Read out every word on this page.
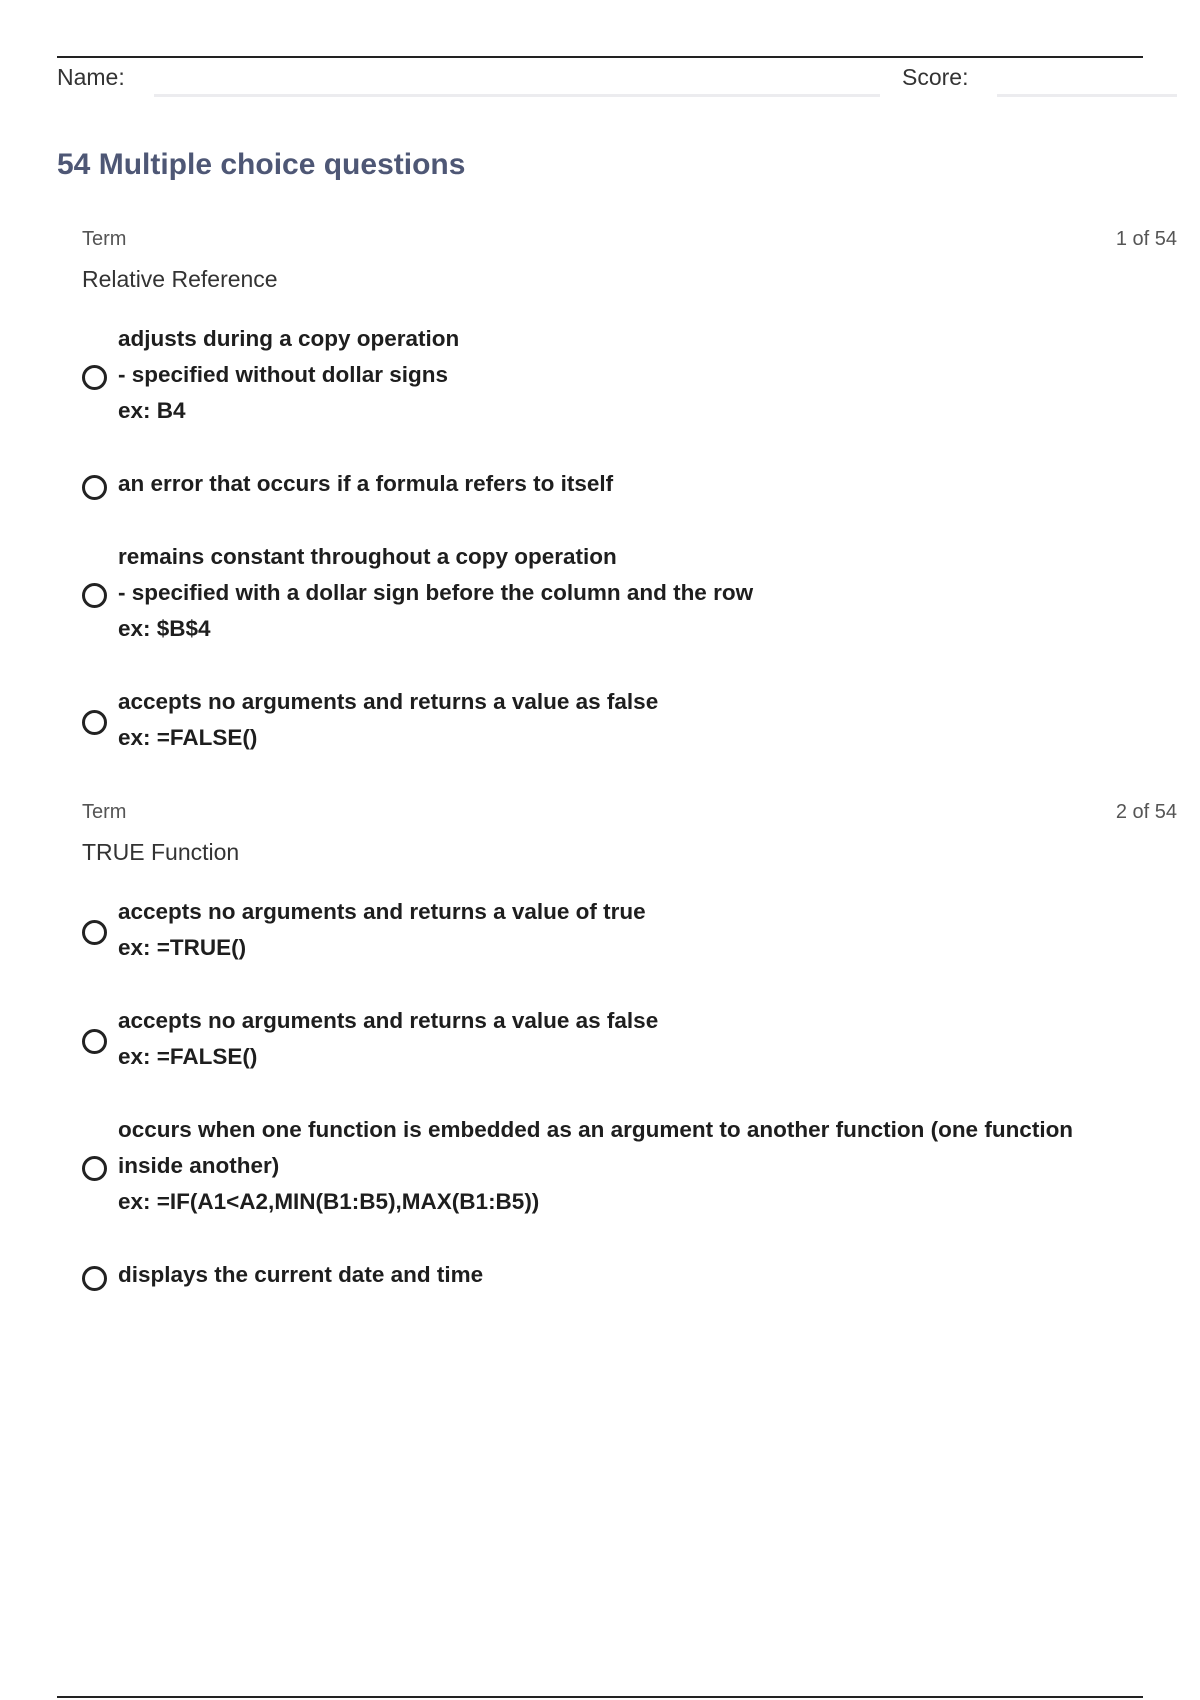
Name:	Score:
54 Multiple choice questions
Term	1 of 54
Relative Reference
adjusts during a copy operation
- specified without dollar signs
ex: B4
an error that occurs if a formula refers to itself
remains constant throughout a copy operation
- specified with a dollar sign before the column and the row
ex: $B$4
accepts no arguments and returns a value as false
ex: =FALSE()
Term	2 of 54
TRUE Function
accepts no arguments and returns a value of true
ex: =TRUE()
accepts no arguments and returns a value as false
ex: =FALSE()
occurs when one function is embedded as an argument to another function (one function
inside another)
ex: =IF(A1<A2,MIN(B1:B5),MAX(B1:B5))
displays the current date and time
